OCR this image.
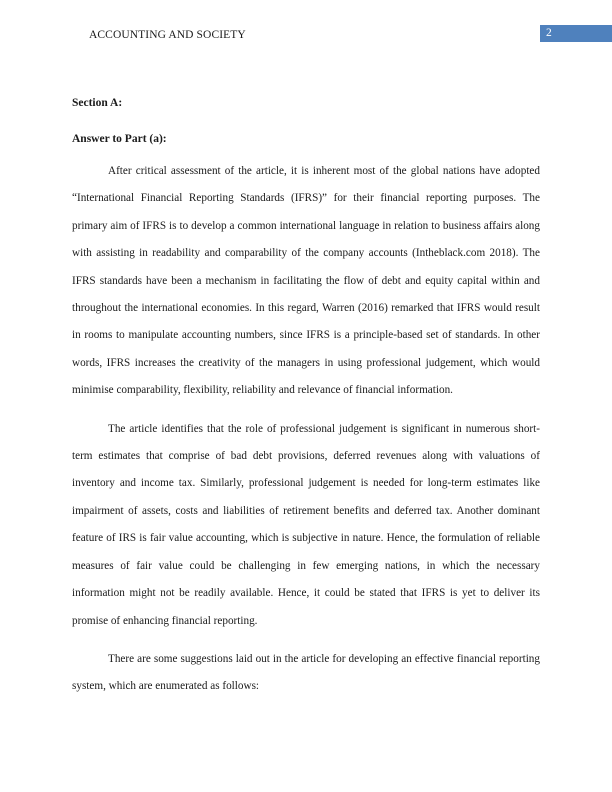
ACCOUNTING AND SOCIETY	2
Section A:
Answer to Part (a):

After critical assessment of the article, it is inherent most of the global nations have adopted “International Financial Reporting Standards (IFRS)” for their financial reporting purposes. The primary aim of IFRS is to develop a common international language in relation to business affairs along with assisting in readability and comparability of the company accounts (Intheblack.com 2018). The IFRS standards have been a mechanism in facilitating the flow of debt and equity capital within and throughout the international economies. In this regard, Warren (2016) remarked that IFRS would result in rooms to manipulate accounting numbers, since IFRS is a principle-based set of standards. In other words, IFRS increases the creativity of the managers in using professional judgement, which would minimise comparability, flexibility, reliability and relevance of financial information.

The article identifies that the role of professional judgement is significant in numerous short-term estimates that comprise of bad debt provisions, deferred revenues along with valuations of inventory and income tax. Similarly, professional judgement is needed for long-term estimates like impairment of assets, costs and liabilities of retirement benefits and deferred tax. Another dominant feature of IRS is fair value accounting, which is subjective in nature. Hence, the formulation of reliable measures of fair value could be challenging in few emerging nations, in which the necessary information might not be readily available. Hence, it could be stated that IFRS is yet to deliver its promise of enhancing financial reporting.

There are some suggestions laid out in the article for developing an effective financial reporting system, which are enumerated as follows:
